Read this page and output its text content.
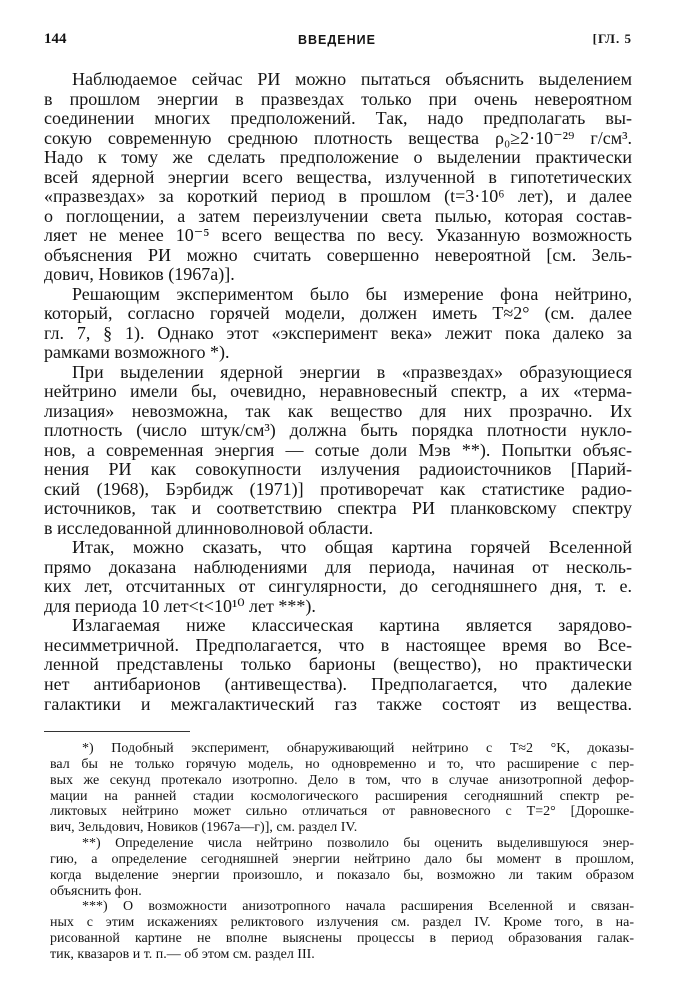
144	ВВЕДЕНИЕ	[ГЛ. 5
Наблюдаемое сейчас РИ можно пытаться объяснить выделением
в прошлом энергии в празвездах только при очень невероятном
соединении многих предположений. Так, надо предполагать вы-
сокую современную среднюю плотность вещества ρ₀≥2·10⁻²⁹ г/см³.
Надо к тому же сделать предположение о выделении практически
всей ядерной энергии всего вещества, излученной в гипотетических
«празвездах» за короткий период в прошлом (t=3·10⁶ лет), и далее
о поглощении, а затем переизлучении света пылью, которая состав-
ляет не менее 10⁻⁵ всего вещества по весу. Указанную возможность
объяснения РИ можно считать совершенно невероятной [см. Зель-
дович, Новиков (1967а)].
Решающим экспериментом было бы измерение фона нейтрино,
который, согласно горячей модели, должен иметь T≈2° (см. далее
гл. 7, § 1). Однако этот «эксперимент века» лежит пока далеко за
рамками возможного *).
При выделении ядерной энергии в «празвездах» образующиеся
нейтрино имели бы, очевидно, неравновесный спектр, а их «терма-
лизация» невозможна, так как вещество для них прозрачно. Их
плотность (число штук/см³) должна быть порядка плотности нукло-
нов, а современная энергия — сотые доли Мэв **). Попытки объяс-
нения РИ как совокупности излучения радиоисточников [Парий-
ский (1968), Бэрбидж (1971)] противоречат как статистике радио-
источников, так и соответствию спектра РИ планковскому спектру
в исследованной длинноволновой области.
Итак, можно сказать, что общая картина горячей Вселенной
прямо доказана наблюдениями для периода, начиная от несколь-
ких лет, отсчитанных от сингулярности, до сегодняшнего дня, т. е.
для периода 10 лет<t<10¹⁰ лет ***).
Излагаемая ниже классическая картина является зарядово-
несимметричной. Предполагается, что в настоящее время во Все-
ленной представлены только барионы (вещество), но практически
нет антибарионов (антивещества). Предполагается, что далекие
галактики и межгалактический газ также состоят из вещества.
*) Подобный эксперимент, обнаруживающий нейтрино с T≈2 °K, доказы-
вал бы не только горячую модель, но одновременно и то, что расширение с пер-
вых же секунд протекало изотропно. Дело в том, что в случае анизотропной дефор-
мации на ранней стадии космологического расширения сегодняшний спектр ре-
ликтовых нейтрино может сильно отличаться от равновесного с T=2° [Дорошке-
вич, Зельдович, Новиков (1967а—г)], см. раздел IV.
**) Определение числа нейтрино позволило бы оценить выделившуюся энер-
гию, а определение сегодняшней энергии нейтрино дало бы момент в прошлом,
когда выделение энергии произошло, и показало бы, возможно ли таким образом
объяснить фон.
***) О возможности анизотропного начала расширения Вселенной и связан-
ных с этим искажениях реликтового излучения см. раздел IV. Кроме того, в на-
рисованной картине не вполне выяснены процессы в период образования галак-
тик, квазаров и т. п.— об этом см. раздел III.
